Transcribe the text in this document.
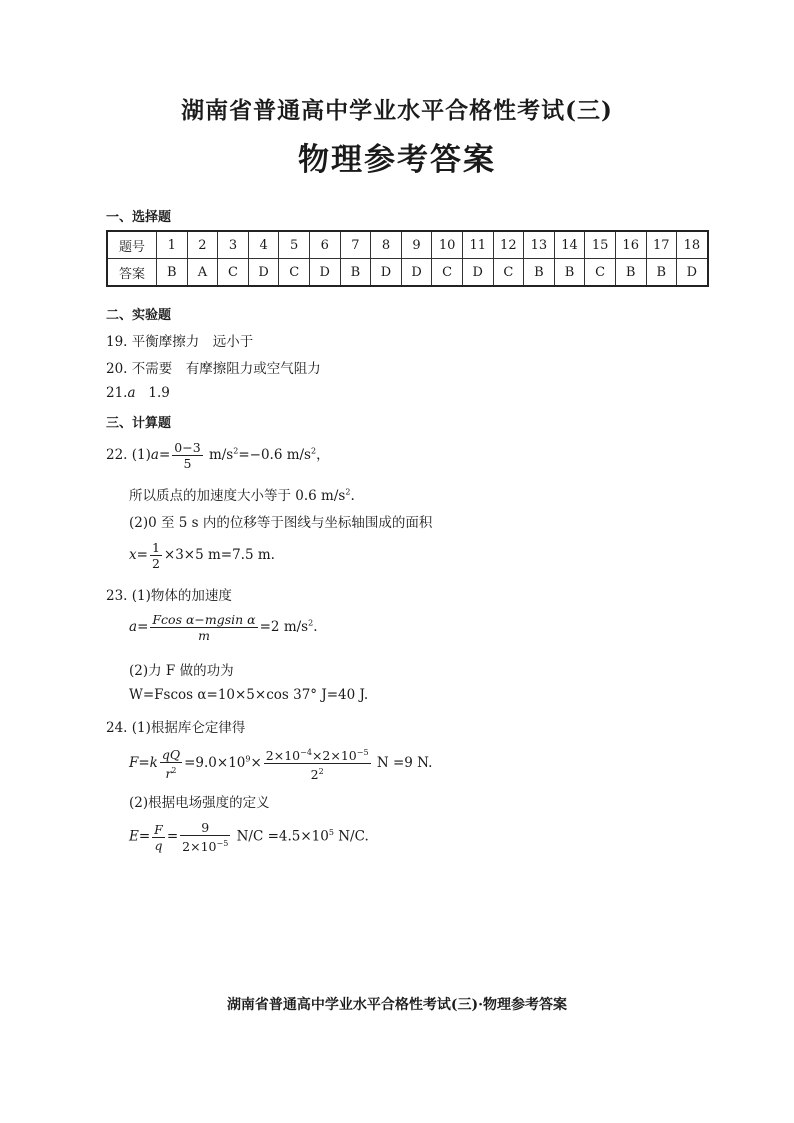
湖南省普通高中学业水平合格性考试(三)
物理参考答案
一、选择题
题号	1	2	3	4	5	6	7	8	9	10	11	12	13	14	15	16	17	18
答案	B	A	C	D	C	D	B	D	D	C	D	C	B	B	C	B	B	D
二、实验题
19. 平衡摩擦力　远小于
20. 不需要　有摩擦阻力或空气阻力
21.a 1.9
三、计算题
22. $(1)a= \frac{0-3}{5} m/s^2=-0.6$ $m/s^2$，
所以质点的加速度大小等于 0.6 $m/s^2$.
(2)0 至 5 s 内的位移等于图线与坐标轴围成的面积
$x= \frac{1}{2} \times 3\times 5$ m=7.5 m.
23. (1)物体的加速度
$a= \frac{\text{Fcos α−mgsin α}}{m} =2$ $m/s^2$.
(2)力 F 做的功为
W=Fscos α=10×5×cos 37° J=40 J.
24. (1)根据库仑定律得
$F=k \frac{qQ}{r^2} =9.0\times 10^9\times \frac{2\times 10^{-4}\times 2\times 10^{-5}}{2^2}$ N =9 N.
(2)根据电场强度的定义
$E= \frac{F}{q} = \frac{9}{2\times 10^{-5}} N/C =4.5\times 10^5$ N/C.
湖南省普通高中学业水平合格性考试(三)·物理参考答案
